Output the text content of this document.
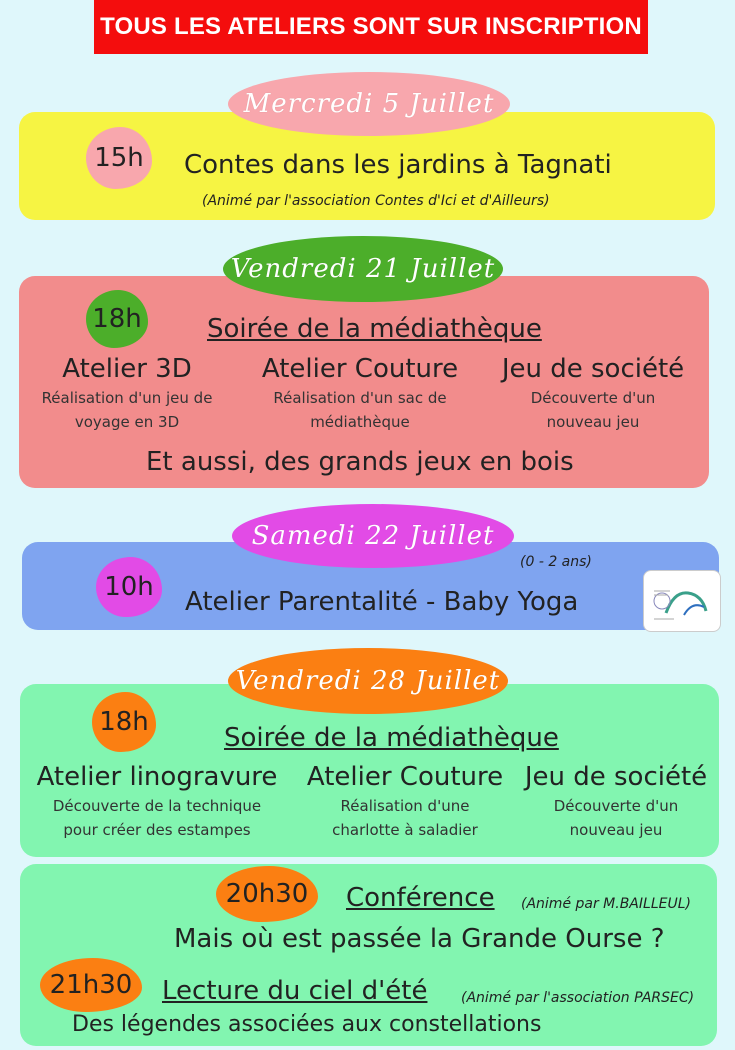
TOUS LES ATELIERS SONT SUR INSCRIPTION
Mercredi 5 Juillet
15h	Contes dans les jardins à Tagnati
(Animé par l'association Contes d'Ici et d'Ailleurs)
Vendredi 21 Juillet
18h	Soirée de la médiathèque
Atelier 3D
Réalisation d'un jeu de
voyage en 3D
Atelier Couture
Réalisation d'un sac de
médiathèque
Jeu de société
Découverte d'un
nouveau jeu
Et aussi, des grands jeux en bois
Samedi 22 Juillet
10h
(0 - 2 ans)
Atelier Parentalité - Baby Yoga
Vendredi 28 Juillet
18h
Soirée de la médiathèque
Atelier linogravure
Découverte de la technique
pour créer des estampes
Atelier Couture
Réalisation d'une
charlotte à saladier
Jeu de société
Découverte d'un
nouveau jeu
20h30	Conférence (Animé par M.BAILLEUL)
Mais où est passée la Grande Ourse ?
21h30	Lecture du ciel d'été (Animé par l'association PARSEC)
Des légendes associées aux constellations
